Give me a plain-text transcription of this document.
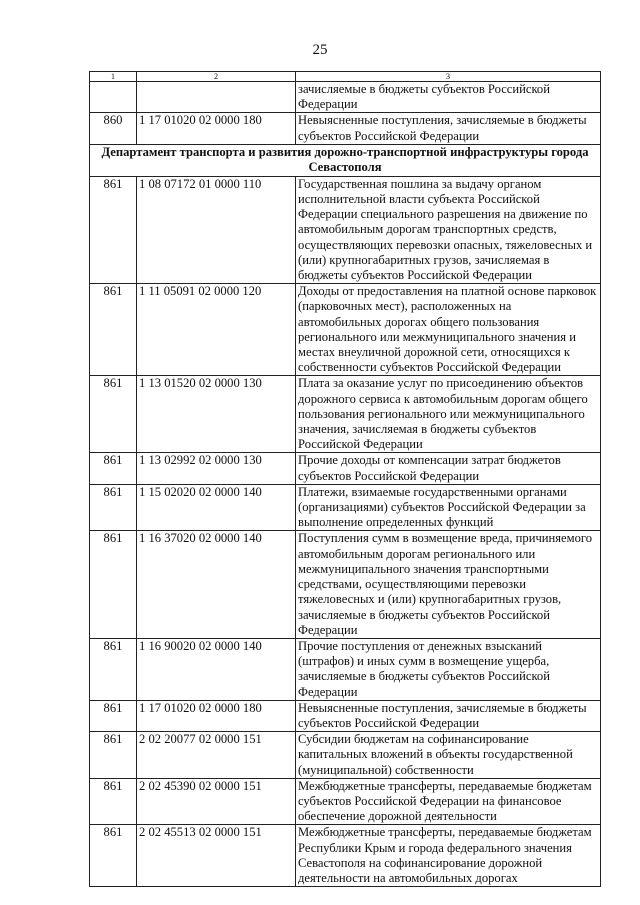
25
1	2	3
		зачисляемые в бюджеты субъектов Российской Федерации
860	1 17 01020 02 0000 180	Невыясненные поступления, зачисляемые в бюджеты субъектов Российской Федерации
Департамент транспорта и развития дорожно-транспортной инфраструктуры города Севастополя		
861	1 08 07172 01 0000 110	Государственная пошлина за выдачу органом исполнительной власти субъекта Российской Федерации специального разрешения на движение по автомобильным дорогам транспортных средств, осуществляющих перевозки опасных, тяжеловесных и (или) крупногабаритных грузов, зачисляемая в бюджеты субъектов Российской Федерации
861	1 11 05091 02 0000 120	Доходы от предоставления на платной основе парковок (парковочных мест), расположенных на автомобильных дорогах общего пользования регионального или межмуниципального значения и местах внеуличной дорожной сети, относящихся к собственности субъектов Российской Федерации
861	1 13 01520 02 0000 130	Плата за оказание услуг по присоединению объектов дорожного сервиса к автомобильным дорогам общего пользования регионального или межмуниципального значения, зачисляемая в бюджеты субъектов Российской Федерации
861	1 13 02992 02 0000 130	Прочие доходы от компенсации затрат бюджетов субъектов Российской Федерации
861	1 15 02020 02 0000 140	Платежи, взимаемые государственными органами (организациями) субъектов Российской Федерации за выполнение определенных функций
861	1 16 37020 02 0000 140	Поступления сумм в возмещение вреда, причиняемого автомобильным дорогам регионального или межмуниципального значения транспортными средствами, осуществляющими перевозки тяжеловесных и (или) крупногабаритных грузов, зачисляемые в бюджеты субъектов Российской Федерации
861	1 16 90020 02 0000 140	Прочие поступления от денежных взысканий (штрафов) и иных сумм в возмещение ущерба, зачисляемые в бюджеты субъектов Российской Федерации
861	1 17 01020 02 0000 180	Невыясненные поступления, зачисляемые в бюджеты субъектов Российской Федерации
861	2 02 20077 02 0000 151	Субсидии бюджетам на софинансирование капитальных вложений в объекты государственной (муниципальной) собственности
861	2 02 45390 02 0000 151	Межбюджетные трансферты, передаваемые бюджетам субъектов Российской Федерации на финансовое обеспечение дорожной деятельности
861	2 02 45513 02 0000 151	Межбюджетные трансферты, передаваемые бюджетам Республики Крым и города федерального значения Севастополя на софинансирование дорожной деятельности на автомобильных дорогах
